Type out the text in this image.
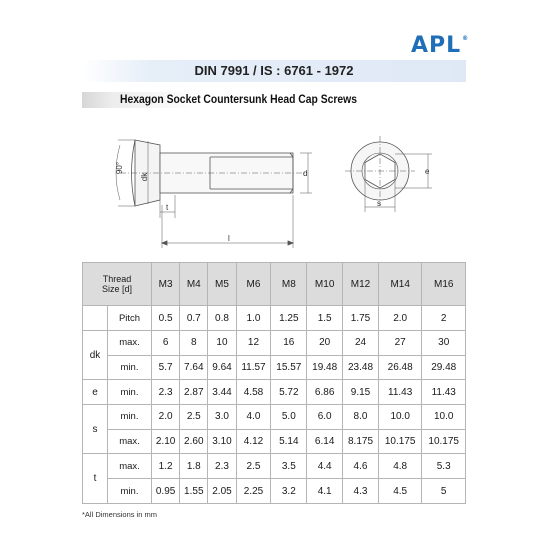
APL®
DIN 7991 / IS : 6761 - 1972
Hexagon Socket Countersunk Head Cap Screws
90°
dk	d
t
l
e
s
Thread
Size [d]		M3	M4	M5	M6	M8	M10	M12	M14	M16
	Pitch	0.5	0.7	0.8	1.0	1.25	1.5	1.75	2.0	2
dk	max.	6	8	10	12	16	20	24	27	30
	min.	5.7	7.64	9.64	11.57	15.57	19.48	23.48	26.48	29.48
e	min.	2.3	2.87	3.44	4.58	5.72	6.86	9.15	11.43	11.43
s	min.	2.0	2.5	3.0	4.0	5.0	6.0	8.0	10.0	10.0
	max.	2.10	2.60	3.10	4.12	5.14	6.14	8.175	10.175	10.175
t	max.	1.2	1.8	2.3	2.5	3.5	4.4	4.6	4.8	5.3
	min.	0.95	1.55	2.05	2.25	3.2	4.1	4.3	4.5	5
*All Dimensions in mm
